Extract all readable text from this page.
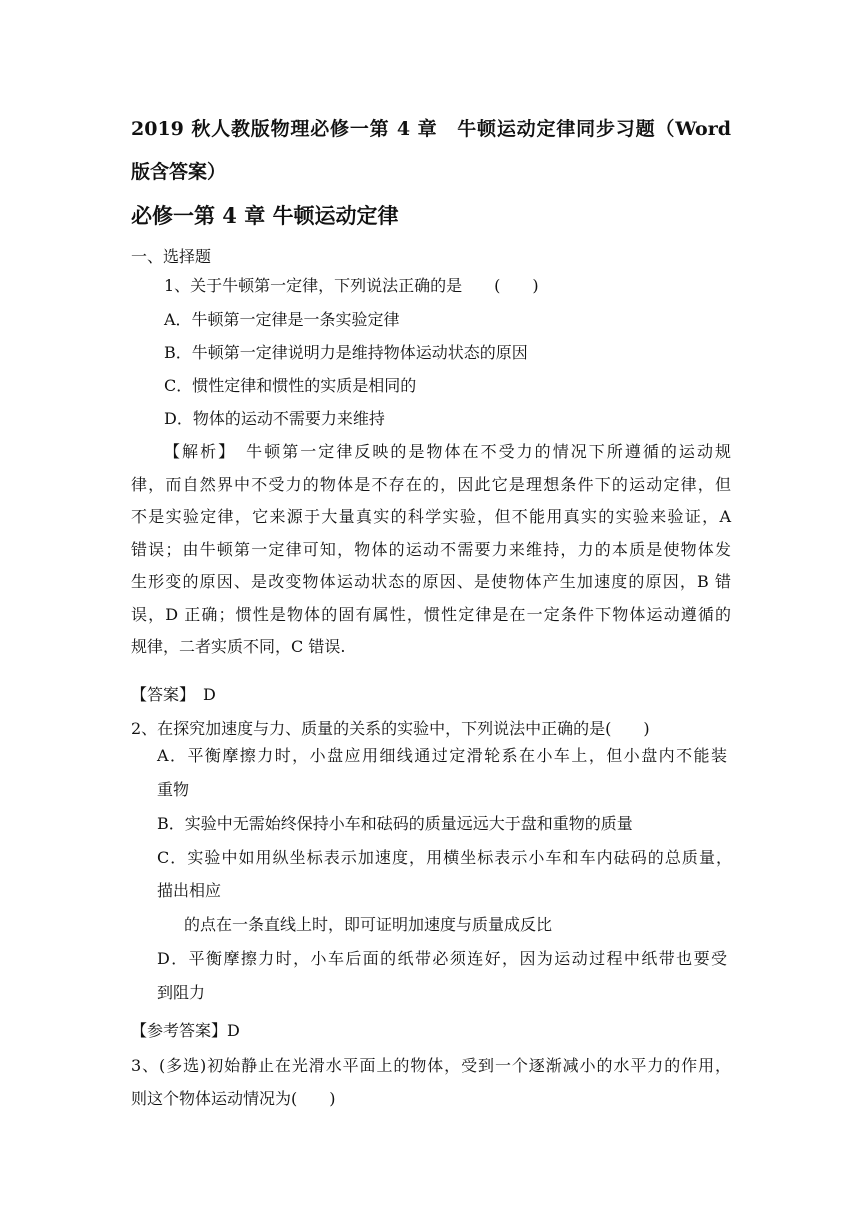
2019 秋人教版物理必修一第 4 章　牛顿运动定律同步习题（Word
版含答案）
必修一第 4 章 牛顿运动定律
一、选择题
1、关于牛顿第一定律，下列说法正确的是　　(　　)
A．牛顿第一定律是一条实验定律
B．牛顿第一定律说明力是维持物体运动状态的原因
C．惯性定律和惯性的实质是相同的
D．物体的运动不需要力来维持
【解析】　牛顿第一定律反映的是物体在不受力的情况下所遵循的运动规
律，而自然界中不受力的物体是不存在的，因此它是理想条件下的运动定律，但
不是实验定律，它来源于大量真实的科学实验，但不能用真实的实验来验证，A
错误；由牛顿第一定律可知，物体的运动不需要力来维持，力的本质是使物体发
生形变的原因、是改变物体运动状态的原因、是使物体产生加速度的原因，B 错
误，D 正确；惯性是物体的固有属性，惯性定律是在一定条件下物体运动遵循的
规律，二者实质不同，C 错误.
【答案】　D
2、在探究加速度与力、质量的关系的实验中，下列说法中正确的是(　　)
A．平衡摩擦力时，小盘应用细线通过定滑轮系在小车上，但小盘内不能装
重物
B．实验中无需始终保持小车和砝码的质量远远大于盘和重物的质量
C．实验中如用纵坐标表示加速度，用横坐标表示小车和车内砝码的总质量，
描出相应
的点在一条直线上时，即可证明加速度与质量成反比
D．平衡摩擦力时，小车后面的纸带必须连好，因为运动过程中纸带也要受
到阻力
【参考答案】D
3、(多选)初始静止在光滑水平面上的物体，受到一个逐渐减小的水平力的作用，
则这个物体运动情况为(　　)
